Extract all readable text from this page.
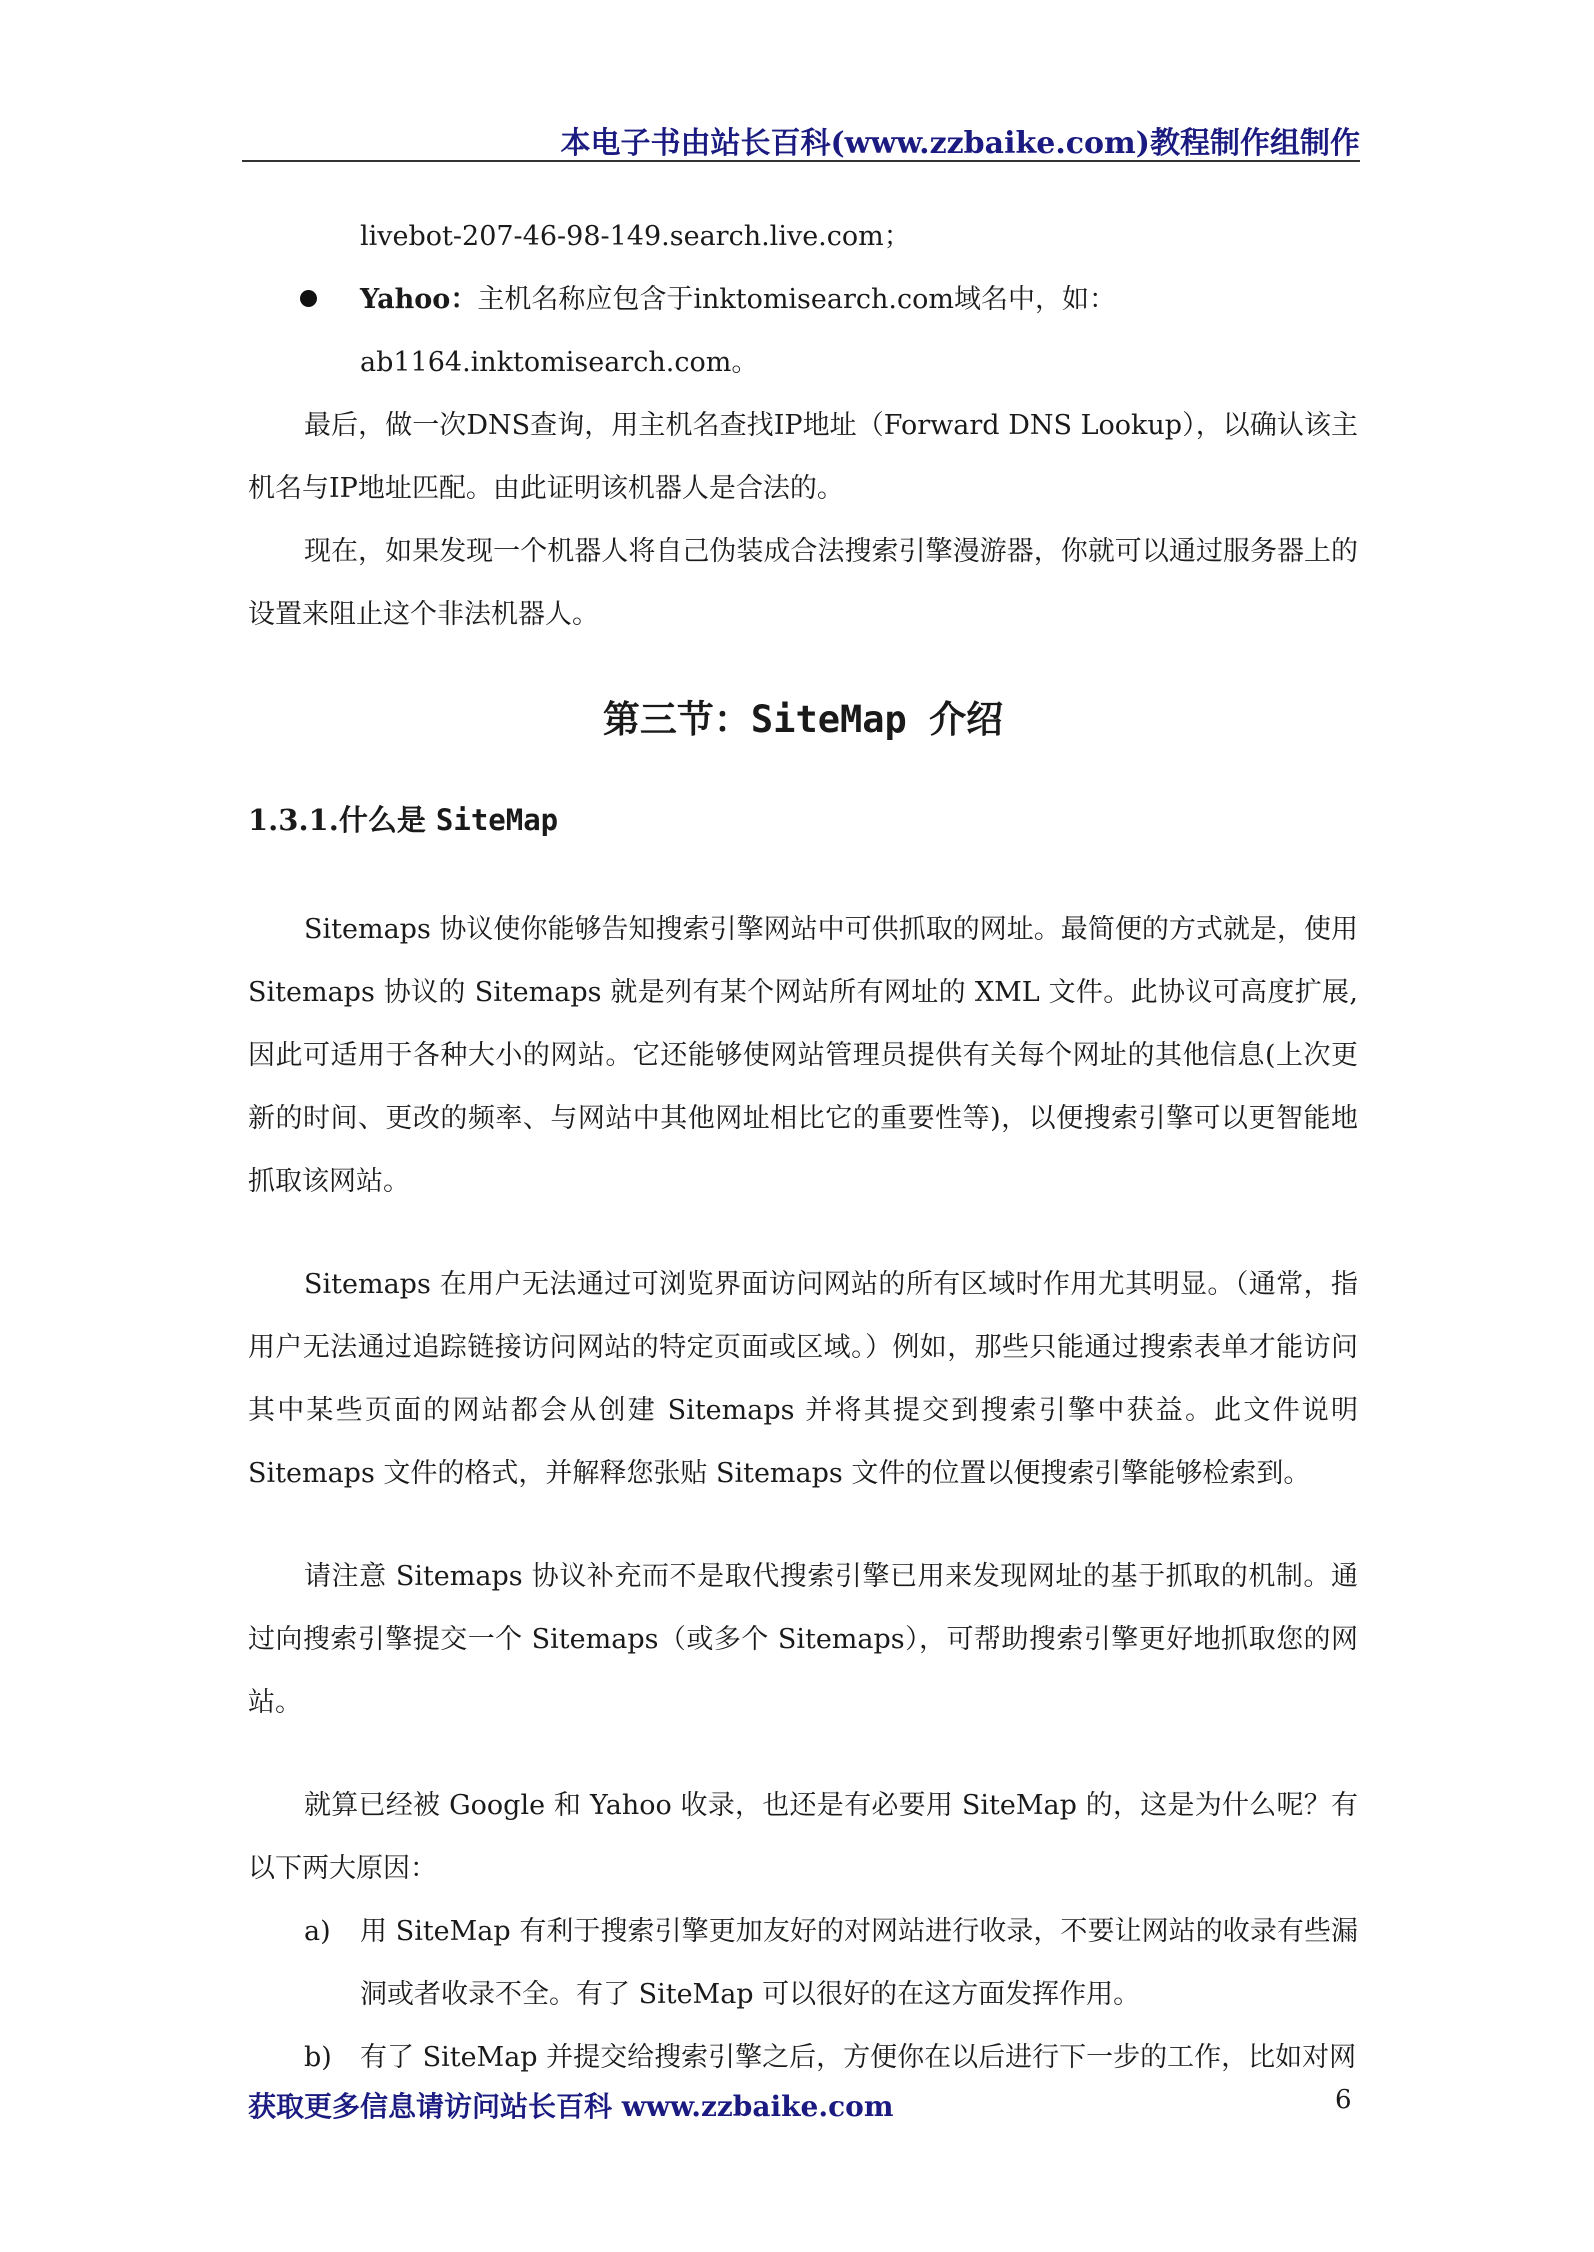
本电子书由站长百科(www.zzbaike.com)教程制作组制作

livebot-207-46-98-149.search.live.com；

Yahoo：主机名称应包含于inktomisearch.com域名中，如：ab1164.inktomisearch.com。

最后，做一次DNS查询，用主机名查找IP地址（Forward DNS Lookup），以确认该主机名与IP地址匹配。由此证明该机器人是合法的。

现在，如果发现一个机器人将自己伪装成合法搜索引擎漫游器，你就可以通过服务器上的设置来阻止这个非法机器人。

第三节：SiteMap 介绍
1.3.1.什么是 SiteMap

Sitemaps 协议使你能够告知搜索引擎网站中可供抓取的网址。最简便的方式就是，使用 Sitemaps 协议的 Sitemaps 就是列有某个网站所有网址的 XML 文件。此协议可高度扩展,因此可适用于各种大小的网站。它还能够使网站管理员提供有关每个网址的其他信息(上次更新的时间、更改的频率、与网站中其他网址相比它的重要性等)，以便搜索引擎可以更智能地抓取该网站。

Sitemaps 在用户无法通过可浏览界面访问网站的所有区域时作用尤其明显。（通常，指用户无法通过追踪链接访问网站的特定页面或区域。）例如，那些只能通过搜索表单才能访问其中某些页面的网站都会从创建 Sitemaps 并将其提交到搜索引擎中获益。此文件说明 Sitemaps 文件的格式，并解释您张贴 Sitemaps 文件的位置以便搜索引擎能够检索到。

请注意 Sitemaps 协议补充而不是取代搜索引擎已用来发现网址的基于抓取的机制。通过向搜索引擎提交一个 Sitemaps（或多个 Sitemaps），可帮助搜索引擎更好地抓取您的网站。

就算已经被 Google 和 Yahoo 收录，也还是有必要用 SiteMap 的，这是为什么呢？有以下两大原因：

a) 用 SiteMap 有利于搜索引擎更加友好的对网站进行收录，不要让网站的收录有些漏洞或者收录不全。有了 SiteMap 可以很好的在这方面发挥作用。
b) 有了 SiteMap 并提交给搜索引擎之后，方便你在以后进行下一步的工作，比如对网
获取更多信息请访问站长百科 www.zzbaike.com	6
